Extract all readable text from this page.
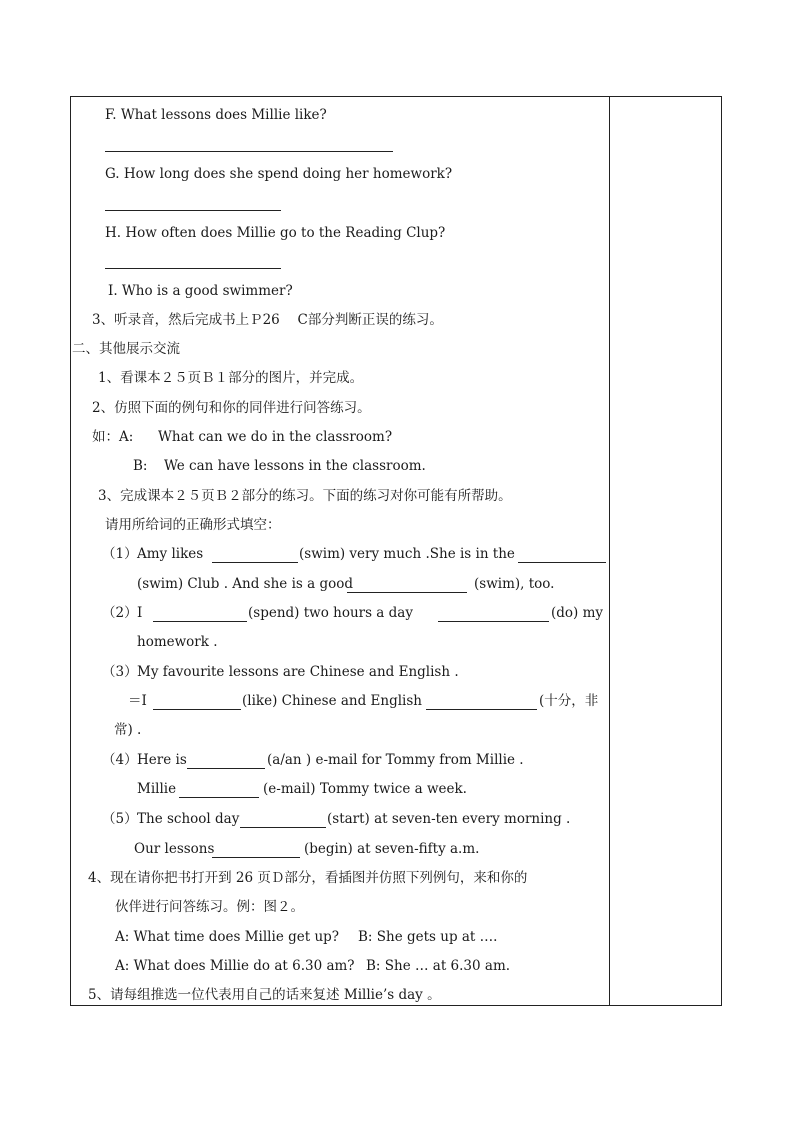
F. What lessons does Millie like?
G. How long does she spend doing her homework?
H. How often does Millie go to the Reading Clup?
I. Who is a good swimmer?
3、听录音，然后完成书上Ｐ26 　C部分判断正误的练习。
二、其他展示交流
1、看课本２５页Ｂ１部分的图片，并完成。
2、仿照下面的例句和你的同伴进行问答练习。
如：A: What can we do in the classroom?
B: We can have lessons in the classroom.
3、完成课本２５页Ｂ２部分的练习。下面的练习对你可能有所帮助。
请用所给词的正确形式填空：
（1） Amy likes	(swim) very much .She is in the
(swim) Club . And she is a good	(swim), too.
（2） I	(spend) two hours a day	(do) my
homework .
（3） My favourite lessons are Chinese and English .
＝I	(like) Chinese and English	(十分，非
常) .
（4） Here is	(a/an ) e-mail for Tommy from Millie .
Millie	(e-mail) Tommy twice a week.
（5） The school day	(start) at seven-ten every morning .
Our lessons	(begin) at seven-fifty a.m.
4、现在请你把书打开到 26 页Ｄ部分，看插图并仿照下列例句，来和你的
伙伴进行问答练习。例：图２。
A: What time does Millie get up? B: She gets up at ….
A: What does Millie do at 6.30 am? B: She … at 6.30 am.
5、请每组推选一位代表用自己的话来复述 Millie’s day 。
